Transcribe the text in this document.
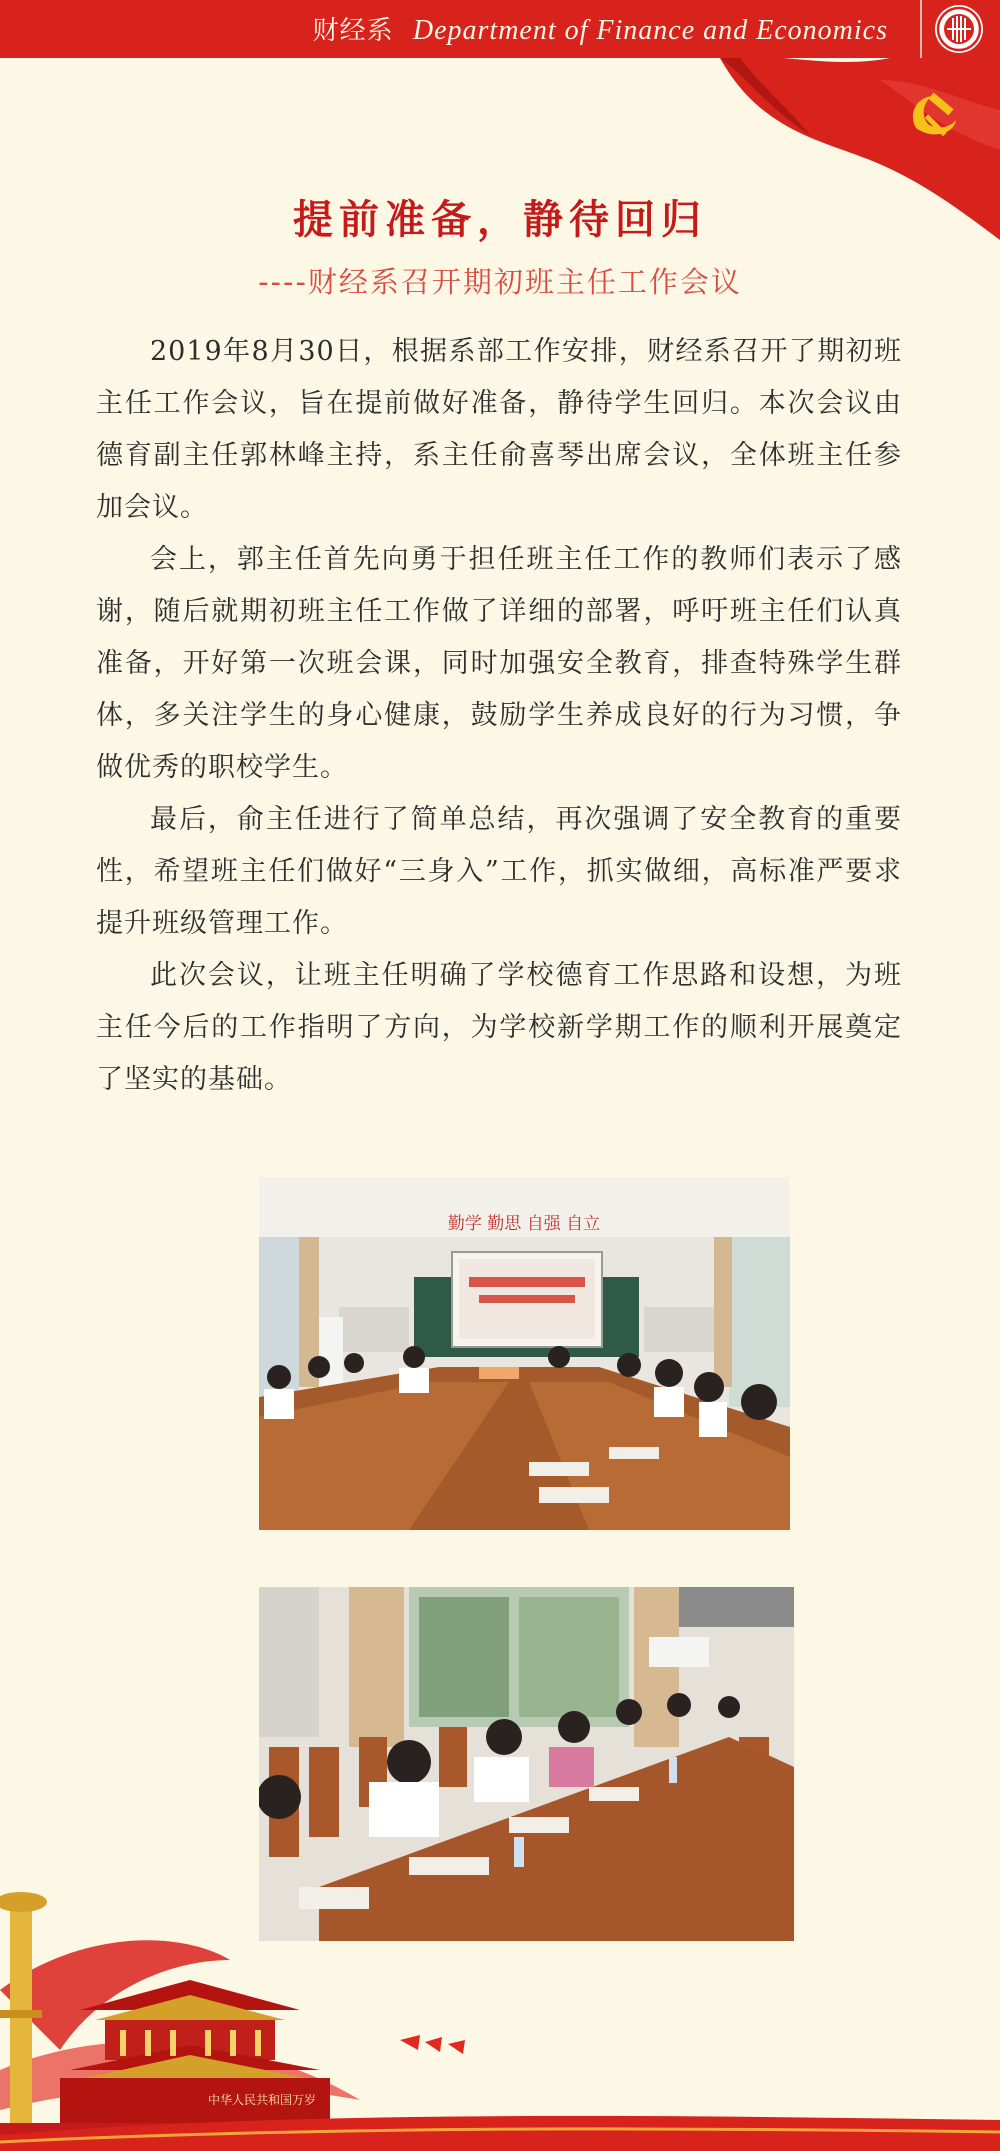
财经系 Department of Finance and Economics
提前准备，静待回归
----财经系召开期初班主任工作会议

2019年8月30日，根据系部工作安排，财经系召开了期初班主任工作会议，旨在提前做好准备，静待学生回归。本次会议由德育副主任郭林峰主持，系主任俞喜琴出席会议，全体班主任参加会议。

会上，郭主任首先向勇于担任班主任工作的教师们表示了感谢，随后就期初班主任工作做了详细的部署，呼吁班主任们认真准备，开好第一次班会课，同时加强安全教育，排查特殊学生群体，多关注学生的身心健康，鼓励学生养成良好的行为习惯，争做优秀的职校学生。

最后，俞主任进行了简单总结，再次强调了安全教育的重要性，希望班主任们做好“三身入”工作，抓实做细，高标准严要求提升班级管理工作。

此次会议，让班主任明确了学校德育工作思路和设想，为班主任今后的工作指明了方向，为学校新学期工作的顺利开展奠定了坚实的基础。

勤学 勤思 自强 自立
中华人民共和国万岁
